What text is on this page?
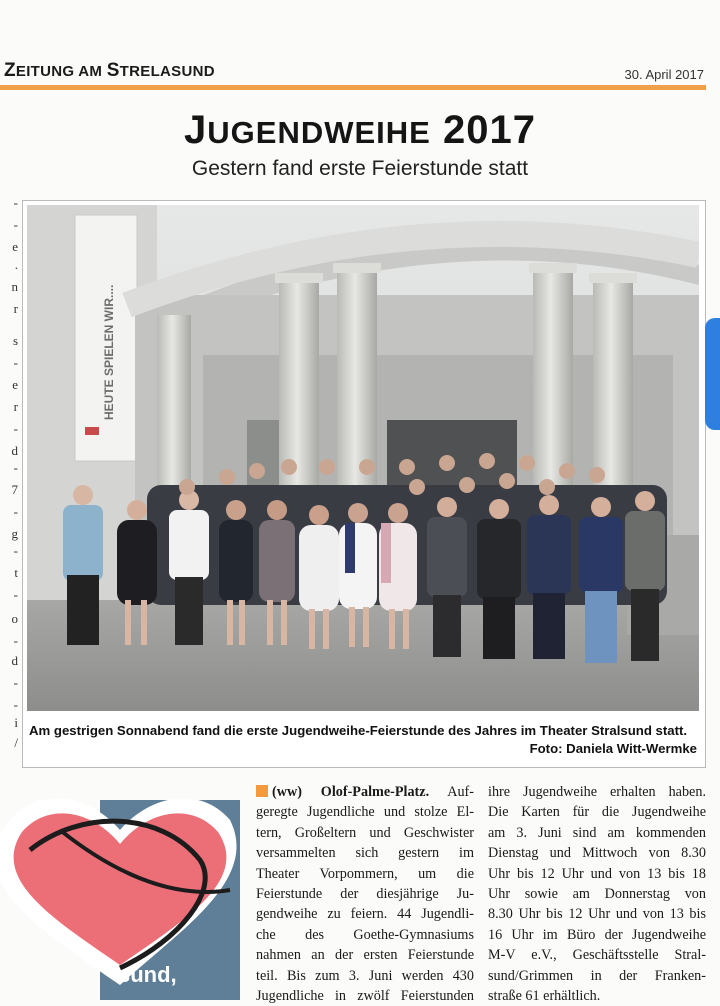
ZEITUNG AM STRELASUND	30. April 2017
JUGENDWEIHE 2017
Gestern fand erste Feierstunde statt
-
-
e
.
n
r
s
-
e
r
-
d
-
7
-
g
-
t
-
o
-
d
-
-
i
/
HEUTE SPIELEN WIR....
Am gestrigen Sonnabend fand die erste Jugendweihe-Feierstunde des Jahres im Theater Stralsund statt.
Foto: Daniela Witt-Wermke
sund,
(ww) Olof-Palme-Platz. Auf-
geregte Jugendliche und stolze El-
tern, Großeltern und Geschwister
versammelten sich gestern im
Theater Vorpommern, um die
Feierstunde der diesjährige Ju-
gendweihe zu feiern. 44 Jugendli-
che des Goethe-Gymnasiums
nahmen an der ersten Feierstunde
teil. Bis zum 3. Juni werden 430
Jugendliche in zwölf Feierstunden
ihre Jugendweihe erhalten haben.
Die Karten für die Jugendweihe
am 3. Juni sind am kommenden
Dienstag und Mittwoch von 8.30
Uhr bis 12 Uhr und von 13 bis 18
Uhr sowie am Donnerstag von
8.30 Uhr bis 12 Uhr und von 13 bis
16 Uhr im Büro der Jugendweihe
M-V e.V., Geschäftsstelle Stral-
sund/Grimmen in der Franken-
straße 61 erhältlich.
